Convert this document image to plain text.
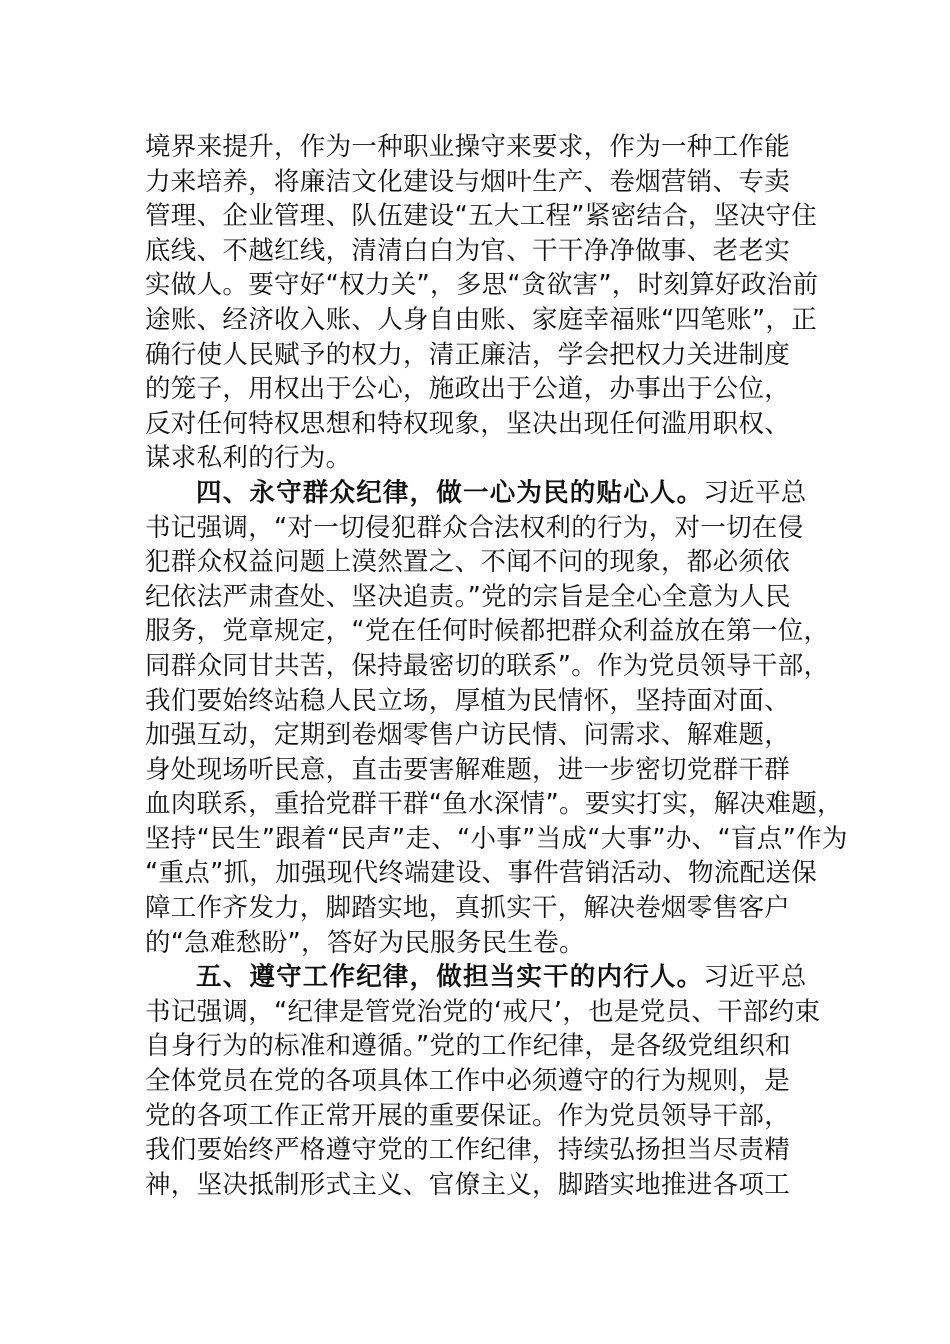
境界来提升，作为一种职业操守来要求，作为一种工作能
力来培养，将廉洁文化建设与烟叶生产、卷烟营销、专卖
管理、企业管理、队伍建设“五大工程”紧密结合，坚决守住
底线、不越红线，清清白白为官、干干净净做事、老老实
实做人。要守好“权力关”，多思“贪欲害”，时刻算好政治前
途账、经济收入账、人身自由账、家庭幸福账“四笔账”，正
确行使人民赋予的权力，清正廉洁，学会把权力关进制度
的笼子，用权出于公心，施政出于公道，办事出于公位，
反对任何特权思想和特权现象，坚决出现任何滥用职权、
谋求私利的行为。
四、永守群众纪律，做一心为民的贴心人。习近平总
书记强调，“对一切侵犯群众合法权利的行为，对一切在侵
犯群众权益问题上漠然置之、不闻不问的现象，都必须依
纪依法严肃查处、坚决追责。”党的宗旨是全心全意为人民
服务，党章规定，“党在任何时候都把群众利益放在第一位，
同群众同甘共苦，保持最密切的联系”。作为党员领导干部，
我们要始终站稳人民立场，厚植为民情怀，坚持面对面、
加强互动，定期到卷烟零售户访民情、问需求、解难题，
身处现场听民意，直击要害解难题，进一步密切党群干群
血肉联系，重拾党群干群“鱼水深情”。要实打实，解决难题，
坚持“民生”跟着“民声”走、“小事”当成“大事”办、“盲点”作为
“重点”抓，加强现代终端建设、事件营销活动、物流配送保
障工作齐发力，脚踏实地，真抓实干，解决卷烟零售客户
的“急难愁盼”，答好为民服务民生卷。
五、遵守工作纪律，做担当实干的内行人。习近平总
书记强调，“纪律是管党治党的‘戒尺’，也是党员、干部约束
自身行为的标准和遵循。”党的工作纪律，是各级党组织和
全体党员在党的各项具体工作中必须遵守的行为规则，是
党的各项工作正常开展的重要保证。作为党员领导干部，
我们要始终严格遵守党的工作纪律，持续弘扬担当尽责精
神，坚决抵制形式主义、官僚主义，脚踏实地推进各项工
